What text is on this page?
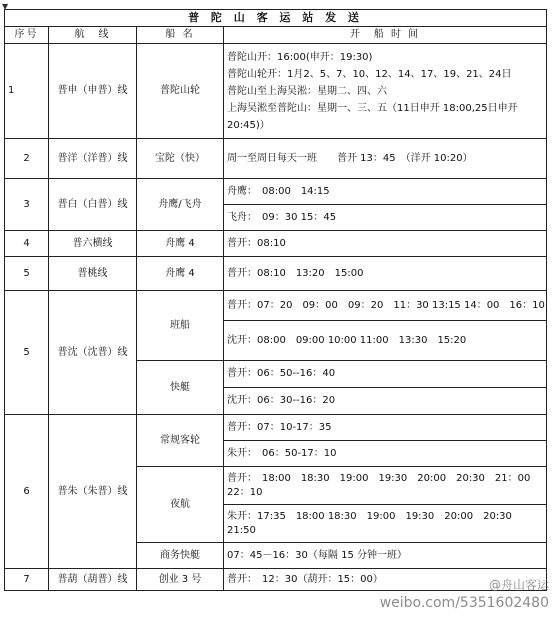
▼
普 陀 山 客 运 站 发 送			
序号	航　线	船 名	开　船 时 间
1	普申（申普）线	普陀山轮	普陀山开：16:00(申开：19:30)
普陀山轮开：1月2、5、7、10、12、14、17、19、21、24日
普陀山至上海吴淞：星期二、四、六
上海吴淞至普陀山：星期一、三、五（11日申开 18:00,25日申开
20:45)）

2	普洋（洋普）线	宝陀（快）	周一至周日每天一班　　普开 13：45　（洋开 10:20）
3	普白（白普）线	舟鹰/飞舟	舟鹰：　08:00　14:15
			飞舟：　09：30 15：45
4	普六横线	舟鹰 4	普开：08:10
5	普桃线	舟鹰 4	普开：08:10　13:20　15:00
5	普沈（沈普）线	班船	普开：07：20　09：00　09：20　11：30 13:15 14：00　16：10
			沈开：08:00　09:00 10:00 11:00　13:30　15:20
		快艇	普开：06：50--16：40
			沈开：06：30--16：20
6	普朱（朱普）线	常规客轮	普开：07：10-17：35
			朱开：　06：50-17：10
		夜航	普开：　18:00　18:30　19:00　19:30　20:00　20:30　21：00
22：10

			朱开：17:35　18:00 18:30　19:00　19:30　20:00　20:30
21:50

		商务快艇	07：45－16：30（每隔 15 分钟一班）
7	普葫（葫普）线	创业 3 号	普开：　12：30（葫开：15：00）	@舟山客运
weibo.com/5351602480
